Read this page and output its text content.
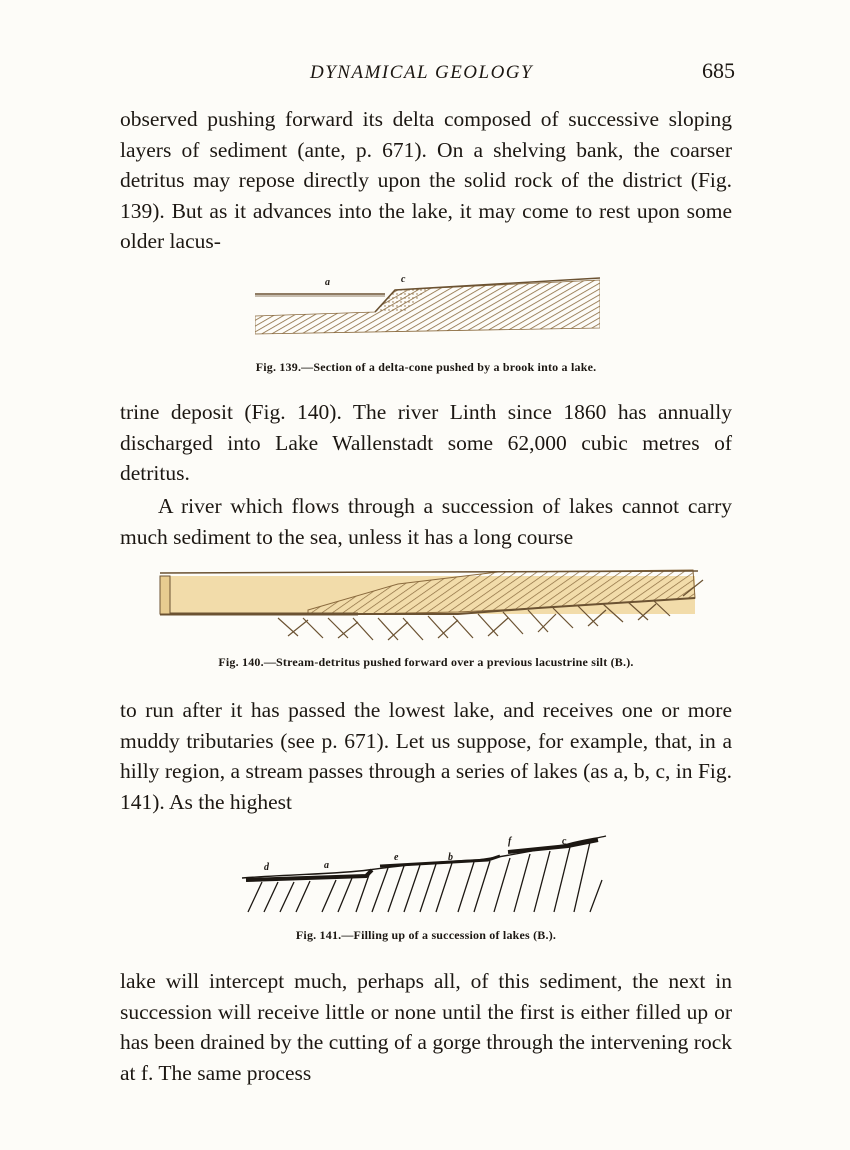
DYNAMICAL GEOLOGY	685

observed pushing forward its delta composed of successive sloping layers of sediment (ante, p. 671). On a shelving bank, the coarser detritus may repose directly upon the solid rock of the district (Fig. 139). But as it advances into the lake, it may come to rest upon some older lacus-

a	c
Fig. 139.—Section of a delta-cone pushed by a brook into a lake.

trine deposit (Fig. 140). The river Linth since 1860 has annually discharged into Lake Wallenstadt some 62,000 cubic metres of detritus.

A river which flows through a succession of lakes cannot carry much sediment to the sea, unless it has a long course

Fig. 140.—Stream-detritus pushed forward over a previous lacustrine silt (B.).

to run after it has passed the lowest lake, and receives one or more muddy tributaries (see p. 671). Let us suppose, for example, that, in a hilly region, a stream passes through a series of lakes (as a, b, c, in Fig. 141). As the highest

d	a
e	b
f	c
Fig. 141.—Filling up of a succession of lakes (B.).

lake will intercept much, perhaps all, of this sediment, the next in succession will receive little or none until the first is either filled up or has been drained by the cutting of a gorge through the intervening rock at f. The same process
